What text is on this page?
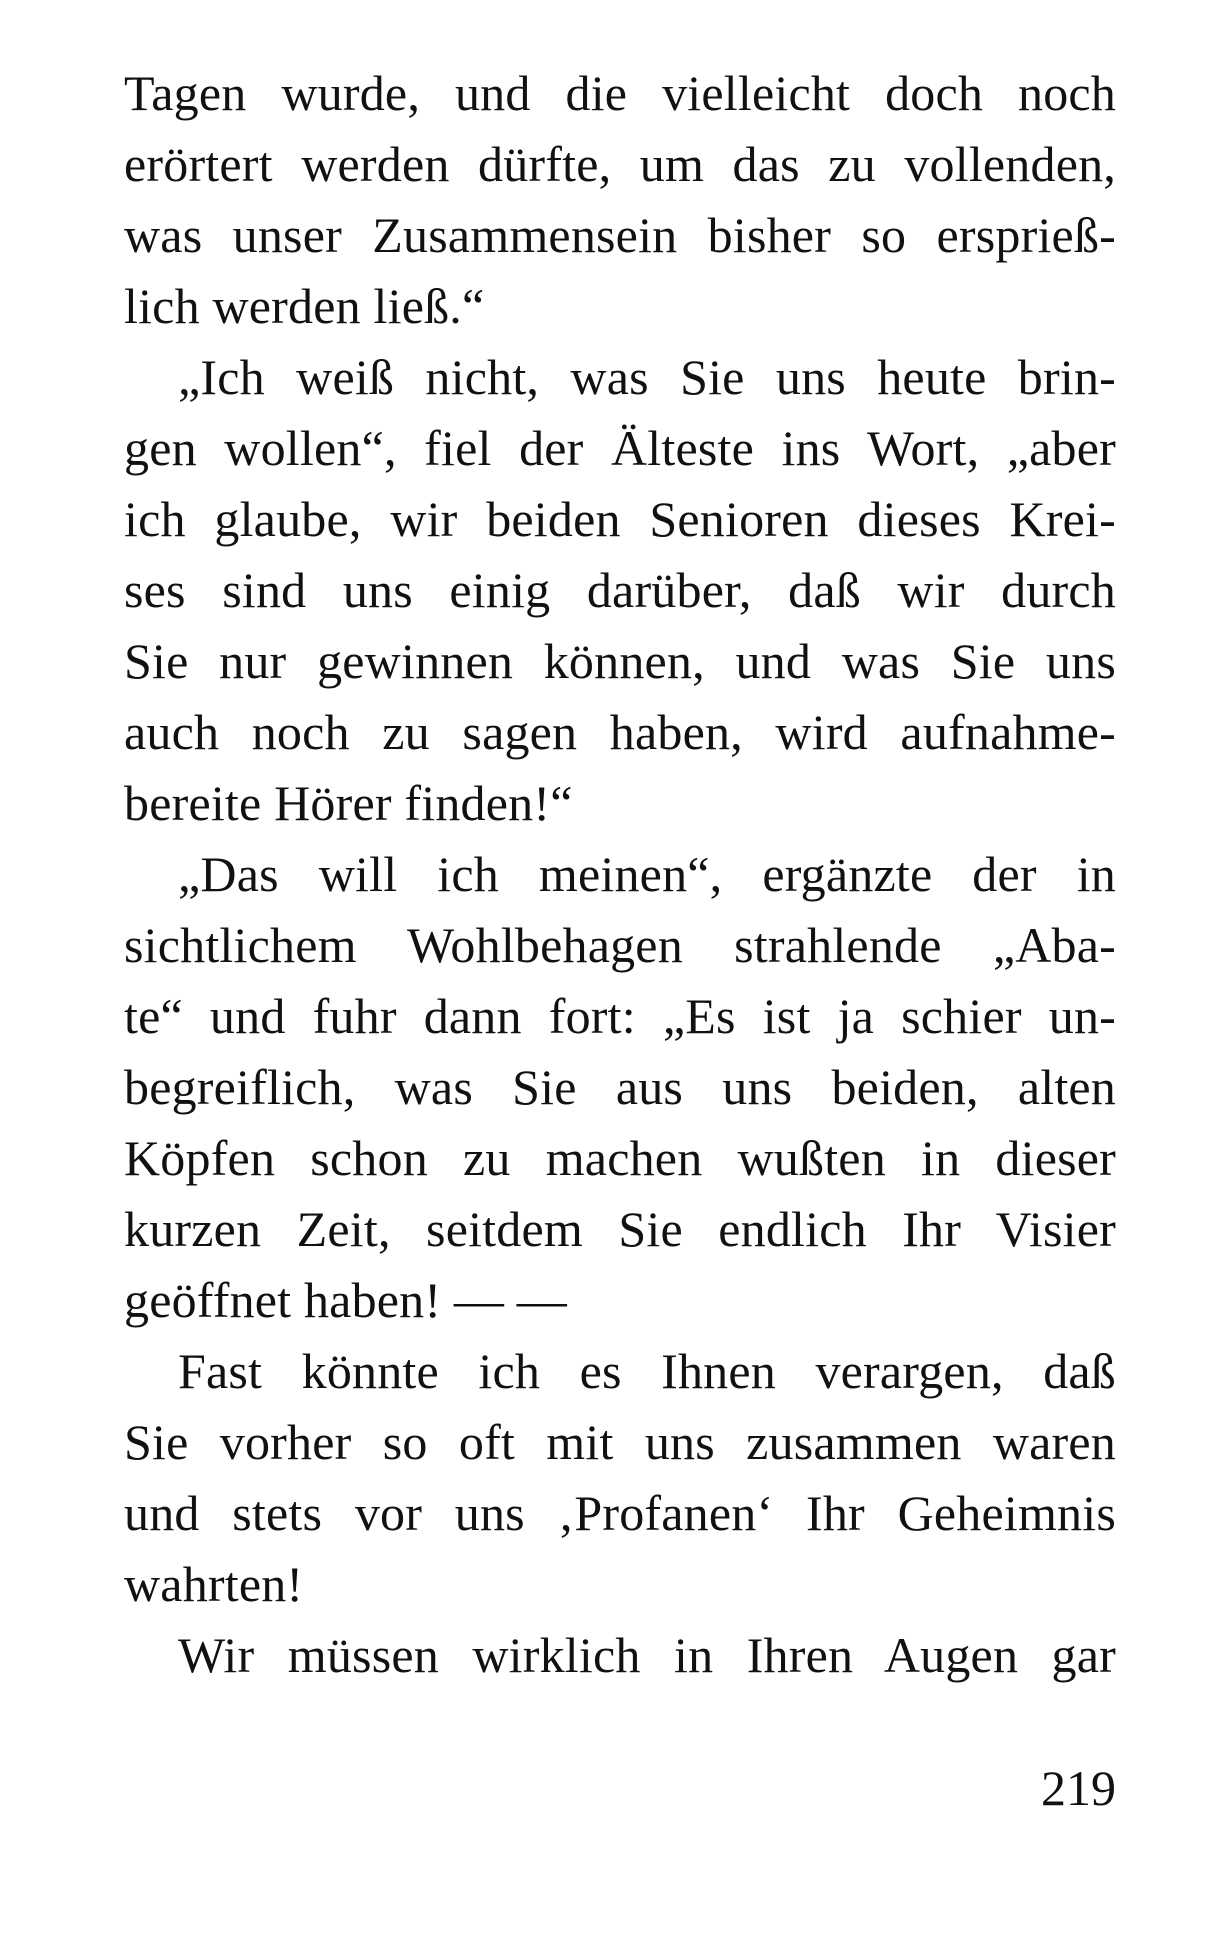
Tagen wurde, und die vielleicht doch noch
erörtert werden dürfte, um das zu vollenden,
was unser Zusammensein bisher so ersprieß-
lich werden ließ.“
„Ich weiß nicht, was Sie uns heute brin-
gen wollen“, fiel der Älteste ins Wort, „aber
ich glaube, wir beiden Senioren dieses Krei-
ses sind uns einig darüber, daß wir durch
Sie nur gewinnen können, und was Sie uns
auch noch zu sagen haben, wird aufnahme-
bereite Hörer finden!“
„Das will ich meinen“, ergänzte der in
sichtlichem Wohlbehagen strahlende „Aba-
te“ und fuhr dann fort: „Es ist ja schier un-
begreiflich, was Sie aus uns beiden, alten
Köpfen schon zu machen wußten in dieser
kurzen Zeit, seitdem Sie endlich Ihr Visier
geöffnet haben! — —
Fast könnte ich es Ihnen verargen, daß
Sie vorher so oft mit uns zusammen waren
und stets vor uns ‚Profanen‘ Ihr Geheimnis
wahrten!
Wir müssen wirklich in Ihren Augen gar
219
